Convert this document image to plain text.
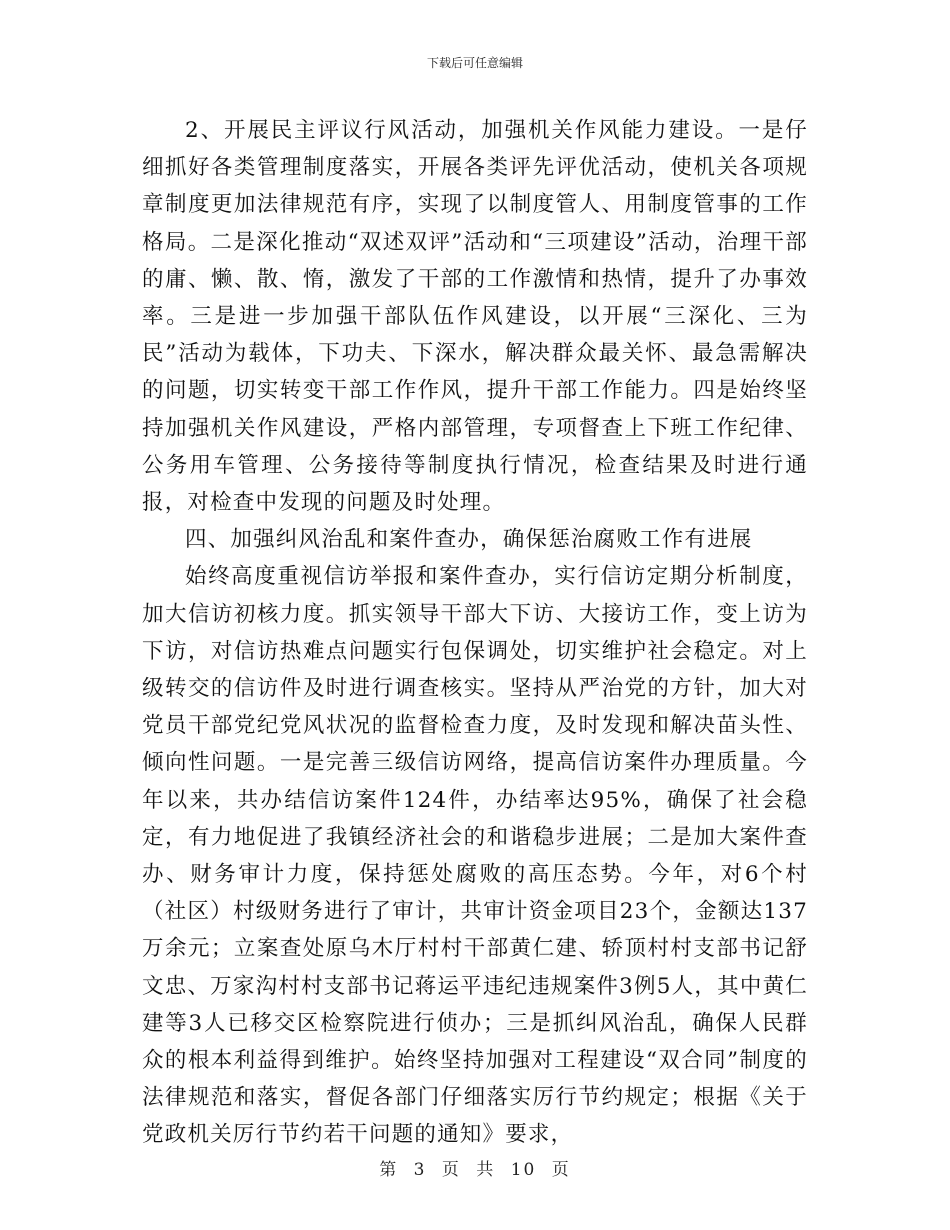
下载后可任意编辑

2、开展民主评议行风活动，加强机关作风能力建设。一是仔细抓好各类管理制度落实，开展各类评先评优活动，使机关各项规章制度更加法律规范有序，实现了以制度管人、用制度管事的工作格局。二是深化推动“双述双评”活动和“三项建设”活动，治理干部的庸、懒、散、惰，激发了干部的工作激情和热情，提升了办事效率。三是进一步加强干部队伍作风建设，以开展“三深化、三为民”活动为载体，下功夫、下深水，解决群众最关怀、最急需解决的问题，切实转变干部工作作风，提升干部工作能力。四是始终坚持加强机关作风建设，严格内部管理，专项督查上下班工作纪律、公务用车管理、公务接待等制度执行情况，检查结果及时进行通报，对检查中发现的问题及时处理。

四、加强纠风治乱和案件查办，确保惩治腐败工作有进展

始终高度重视信访举报和案件查办，实行信访定期分析制度，加大信访初核力度。抓实领导干部大下访、大接访工作，变上访为下访，对信访热难点问题实行包保调处，切实维护社会稳定。对上级转交的信访件及时进行调查核实。坚持从严治党的方针，加大对党员干部党纪党风状况的监督检查力度，及时发现和解决苗头性、倾向性问题。一是完善三级信访网络，提高信访案件办理质量。今年以来，共办结信访案件124件，办结率达95%，确保了社会稳定，有力地促进了我镇经济社会的和谐稳步进展；二是加大案件查办、财务审计力度，保持惩处腐败的高压态势。今年，对6个村（社区）村级财务进行了审计，共审计资金项目23个，金额达137万余元；立案查处原乌木厅村村干部黄仁建、轿顶村村支部书记舒文忠、万家沟村村支部书记蒋运平违纪违规案件3例5人，其中黄仁建等3人已移交区检察院进行侦办；三是抓纠风治乱，确保人民群众的根本利益得到维护。始终坚持加强对工程建设“双合同”制度的法律规范和落实，督促各部门仔细落实厉行节约规定；根据《关于党政机关厉行节约若干问题的通知》要求，

第 3 页 共 10 页
